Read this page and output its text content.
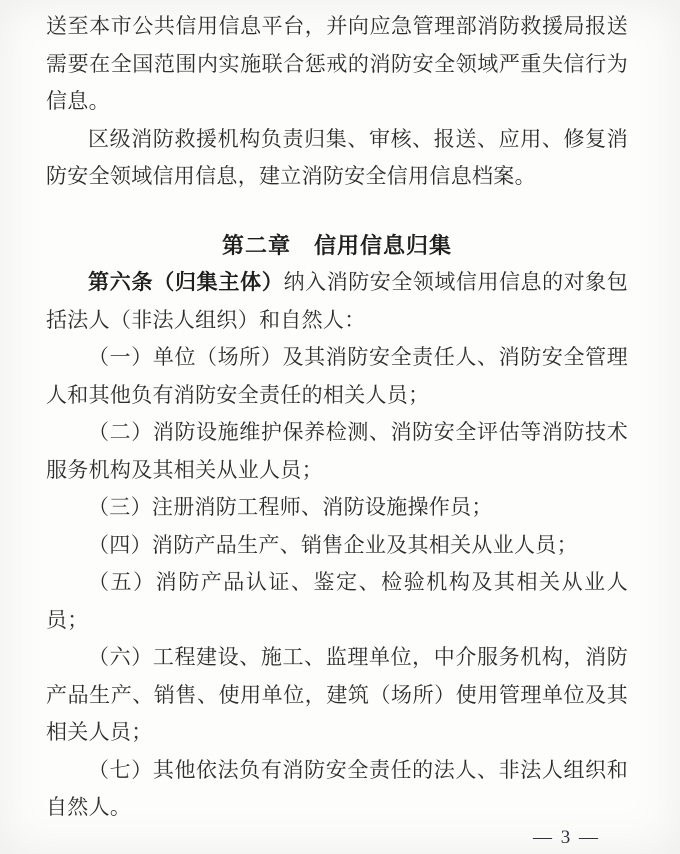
送至本市公共信用信息平台，并向应急管理部消防救援局报送需要在全国范围内实施联合惩戒的消防安全领域严重失信行为信息。

区级消防救援机构负责归集、审核、报送、应用、修复消防安全领域信用信息，建立消防安全信用信息档案。

第二章　信用信息归集

第六条（归集主体）纳入消防安全领域信用信息的对象包括法人（非法人组织）和自然人：

（一）单位（场所）及其消防安全责任人、消防安全管理人和其他负有消防安全责任的相关人员；

（二）消防设施维护保养检测、消防安全评估等消防技术服务机构及其相关从业人员；

（三）注册消防工程师、消防设施操作员；

（四）消防产品生产、销售企业及其相关从业人员；

（五）消防产品认证、鉴定、检验机构及其相关从业人员；

（六）工程建设、施工、监理单位，中介服务机构，消防产品生产、销售、使用单位，建筑（场所）使用管理单位及其相关人员；

（七）其他依法负有消防安全责任的法人、非法人组织和自然人。

— 3 —
